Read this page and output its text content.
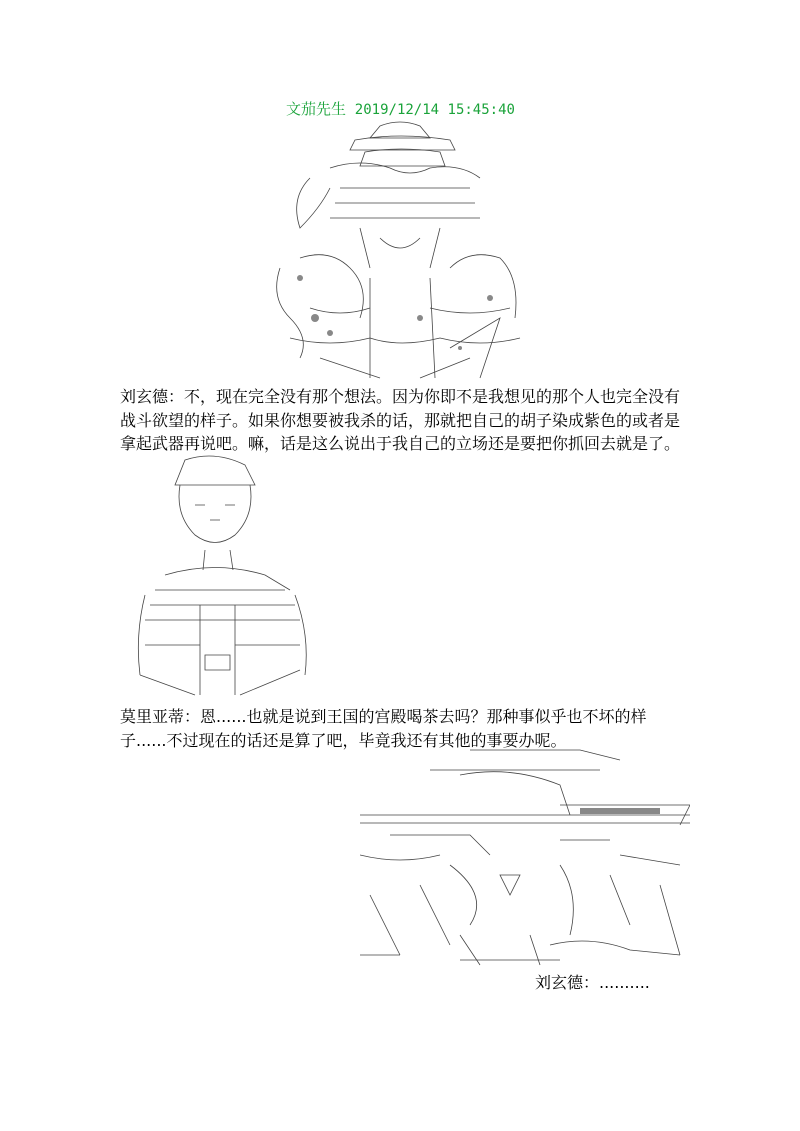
文茄先生 2019/12/14 15:45:40
刘玄德：不，现在完全没有那个想法。因为你即不是我想见的那个人也完全没有战斗欲望的样子。如果你想要被我杀的话，那就把自己的胡子染成紫色的或者是拿起武器再说吧。嘛，话是这么说出于我自己的立场还是要把你抓回去就是了。
莫里亚蒂：恩......也就是说到王国的宫殿喝茶去吗？那种事似乎也不坏的样子......不过现在的话还是算了吧，毕竟我还有其他的事要办呢。
刘玄德：..........
